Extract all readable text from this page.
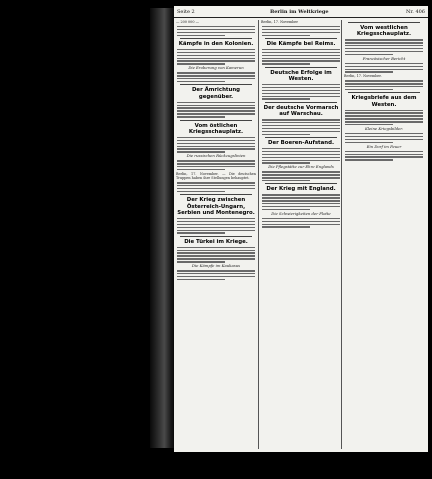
Seite 2	Berlin im Weltkriege	Nr. 406
— 200 000 —
Kämpfe in den Kolonien.
Die Eroberung von Kamerun
Der Ämrichtung gegenüber.
Vom östlichen Kriegsschauplatz.
Die russischen Rückzugslinien
Berlin, 17. November. — Die deutschen Truppen haben ihre Stellungen behauptet.
Der Krieg zwischen Österreich-Ungarn, Serbien und Montenegro.
Die Türkei im Kriege.
Die Kämpfe im Kaukasus
Berlin, 17. November
Die Kämpfe bei Reims.
Deutsche Erfolge im Westen.
Der deutsche Vormarsch auf Warschau.
Der Boeren-Aufstand.
Die Pflegstätte zur Ehre Englands
Der Krieg mit England.
Die Schwierigkeiten der Flotte
Vom westlichen Kriegsschauplatz.
Französischer Bericht
Berlin, 17. November.
Kriegsbriefe aus dem Westen.
Kleine Kriegsbilder.
Ein Dorf im Feuer
